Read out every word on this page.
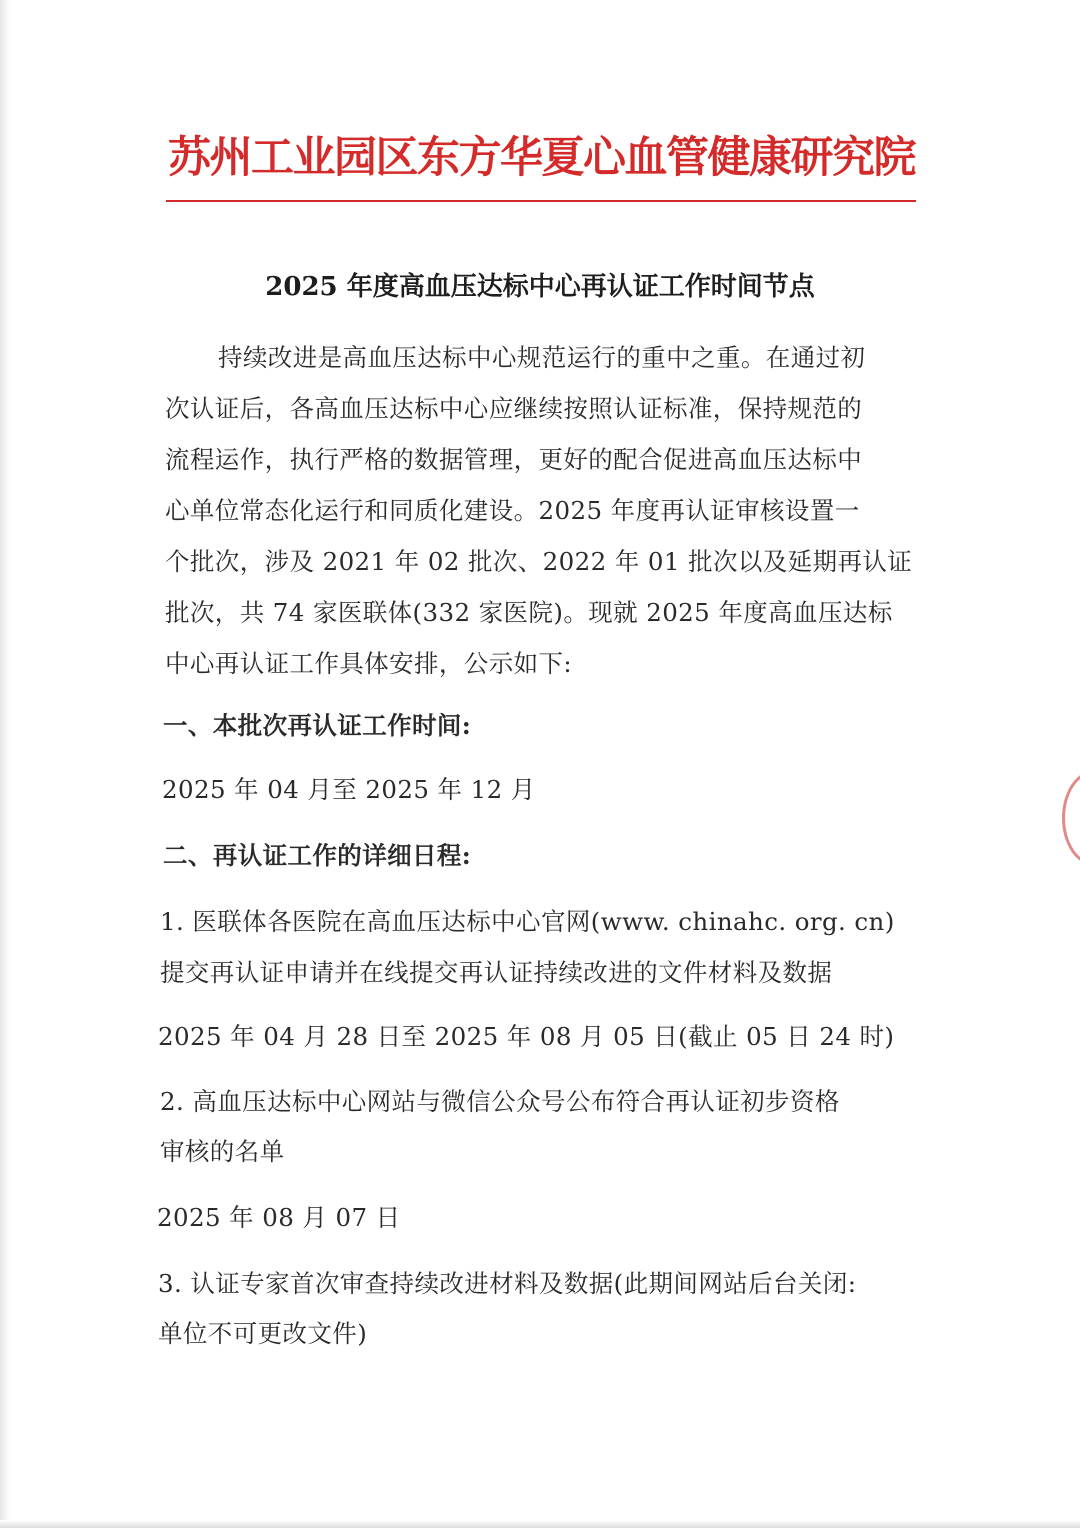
苏州工业园区东方华夏心血管健康研究院
2025 年度高血压达标中心再认证工作时间节点
持续改进是高血压达标中心规范运行的重中之重。在通过初
次认证后，各高血压达标中心应继续按照认证标准，保持规范的
流程运作，执行严格的数据管理，更好的配合促进高血压达标中
心单位常态化运行和同质化建设。2025 年度再认证审核设置一
个批次，涉及 2021 年 02 批次、2022 年 01 批次以及延期再认证
批次，共 74 家医联体(332 家医院)。现就 2025 年度高血压达标
中心再认证工作具体安排，公示如下:
一、本批次再认证工作时间:
2025 年 04 月至 2025 年 12 月
二、再认证工作的详细日程:
1. 医联体各医院在高血压达标中心官网(www. chinahc. org. cn)
提交再认证申请并在线提交再认证持续改进的文件材料及数据
2025 年 04 月 28 日至 2025 年 08 月 05 日(截止 05 日 24 时)
2. 高血压达标中心网站与微信公众号公布符合再认证初步资格
审核的名单
2025 年 08 月 07 日
3. 认证专家首次审查持续改进材料及数据(此期间网站后台关闭:
单位不可更改文件)
